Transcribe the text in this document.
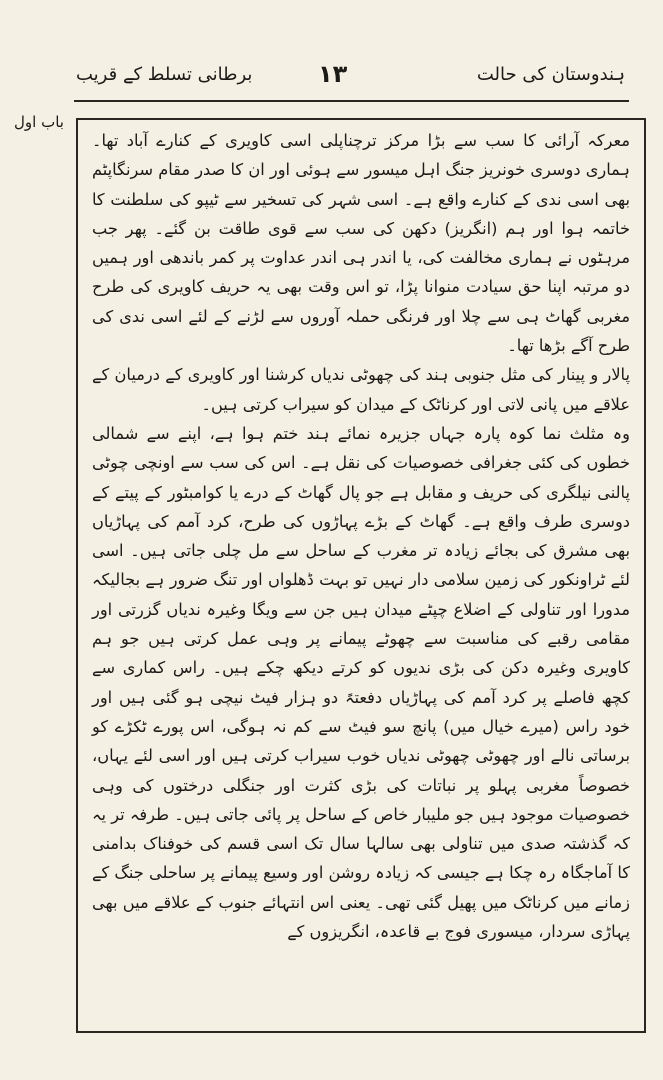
ہندوستان کی حالت
۱۳
برطانی تسلط کے قریب
باب اول

معرکہ آرائی کا سب سے بڑا مرکز ترچناپلی اسی کاویری کے کنارے آباد تھا۔ ہماری دوسری خونریز جنگ اہل میسور سے ہوئی اور ان کا صدر مقام سرنگاپٹم بھی اسی ندی کے کنارے واقع ہے۔ اسی شہر کی تسخیر سے ٹیپو کی سلطنت کا خاتمہ ہوا اور ہم (انگریز) دکھن کی سب سے قوی طاقت بن گئے۔ پھر جب مرہٹوں نے ہماری مخالفت کی، یا اندر ہی اندر عداوت پر کمر باندھی اور ہمیں دو مرتبہ اپنا حق سیادت منوانا پڑا، تو اس وقت بھی یہ حریف کاویری کی طرح مغربی گھاٹ ہی سے چلا اور فرنگی حملہ آوروں سے لڑنے کے لئے اسی ندی کی طرح آگے بڑھا تھا۔

پالار و پینار کی مثل جنوبی ہند کی چھوٹی ندیاں کرشنا اور کاویری کے درمیان کے علاقے میں پانی لاتی اور کرناٹک کے میدان کو سیراب کرتی ہیں۔

وہ مثلث نما کوہ پارہ جہاں جزیرہ نمائے ہند ختم ہوا ہے، اپنے سے شمالی خطوں کی کئی جغرافی خصوصیات کی نقل ہے۔ اس کی سب سے اونچی چوٹی پالنی نیلگری کی حریف و مقابل ہے جو پال گھاٹ کے درے یا کوامبٹور کے پیتے کے دوسری طرف واقع ہے۔ گھاٹ کے بڑے پہاڑوں کی طرح، کرد آمم کی پہاڑیاں بھی مشرق کی بجائے زیادہ تر مغرب کے ساحل سے مل چلی جاتی ہیں۔ اسی لئے ٹراونکور کی زمین سلامی دار نہیں تو بہت ڈھلواں اور تنگ ضرور ہے بجالیکہ مدورا اور تناولی کے اضلاع چپٹے میدان ہیں جن سے ویگا وغیرہ ندیاں گزرتی اور مقامی رقبے کی مناسبت سے چھوٹے پیمانے پر وہی عمل کرتی ہیں جو ہم کاویری وغیرہ دکن کی بڑی ندیوں کو کرتے دیکھ چکے ہیں۔ راس کماری سے کچھ فاصلے پر کرد آمم کی پہاڑیاں دفعتہً دو ہزار فیٹ نیچی ہو گئی ہیں اور خود راس (میرے خیال میں) پانچ سو فیٹ سے کم نہ ہوگی، اس پورے ٹکڑے کو برساتی نالے اور چھوٹی چھوٹی ندیاں خوب سیراب کرتی ہیں اور اسی لئے یہاں، خصوصاً مغربی پہلو پر نباتات کی بڑی کثرت اور جنگلی درختوں کی وہی خصوصیات موجود ہیں جو ملیبار خاص کے ساحل پر پائی جاتی ہیں۔ طرفہ تر یہ کہ گذشتہ صدی میں تناولی بھی سالہا سال تک اسی قسم کی خوفناک بدامنی کا آماجگاہ رہ چکا ہے جیسی کہ زیادہ روشن اور وسیع پیمانے پر ساحلی جنگ کے زمانے میں کرناٹک میں پھیل گئی تھی۔ یعنی اس انتہائے جنوب کے علاقے میں بھی پہاڑی سردار، میسوری فوج بے قاعدہ، انگریزوں کے
